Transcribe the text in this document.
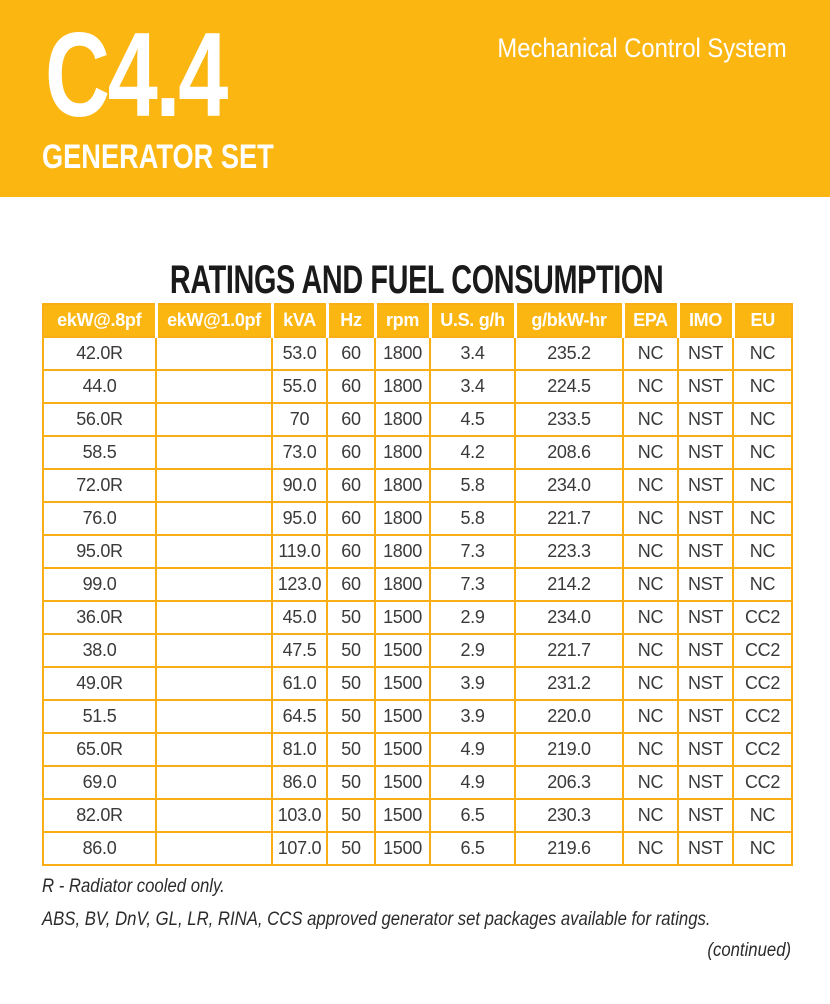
C4.4	Mechanical Control System
GENERATOR SET
RATINGS AND FUEL CONSUMPTION
ekW@.8pf	ekW@1.0pf	kVA	Hz	rpm	U.S. g/h	g/bkW-hr	EPA	IMO	EU
42.0R		53.0	60	1800	3.4	235.2	NC	NST	NC
44.0		55.0	60	1800	3.4	224.5	NC	NST	NC
56.0R		70	60	1800	4.5	233.5	NC	NST	NC
58.5		73.0	60	1800	4.2	208.6	NC	NST	NC
72.0R		90.0	60	1800	5.8	234.0	NC	NST	NC
76.0		95.0	60	1800	5.8	221.7	NC	NST	NC
95.0R		119.0	60	1800	7.3	223.3	NC	NST	NC
99.0		123.0	60	1800	7.3	214.2	NC	NST	NC
36.0R		45.0	50	1500	2.9	234.0	NC	NST	CC2
38.0		47.5	50	1500	2.9	221.7	NC	NST	CC2
49.0R		61.0	50	1500	3.9	231.2	NC	NST	CC2
51.5		64.5	50	1500	3.9	220.0	NC	NST	CC2
65.0R		81.0	50	1500	4.9	219.0	NC	NST	CC2
69.0		86.0	50	1500	4.9	206.3	NC	NST	CC2
82.0R		103.0	50	1500	6.5	230.3	NC	NST	NC
86.0		107.0	50	1500	6.5	219.6	NC	NST	NC

R - Radiator cooled only.

ABS, BV, DnV, GL, LR, RINA, CCS approved generator set packages available for ratings.

(continued)
